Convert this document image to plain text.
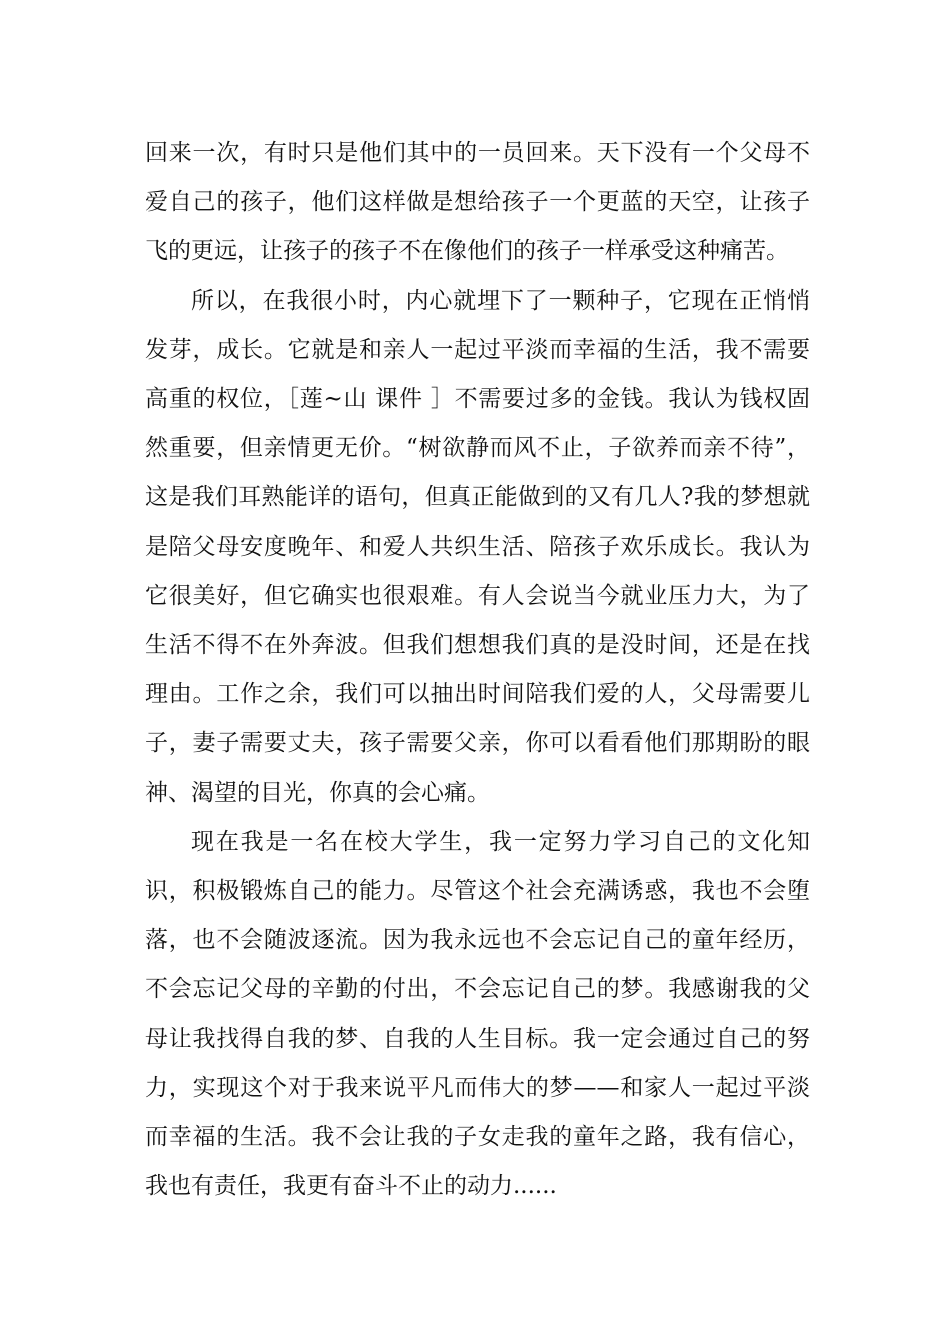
回来一次，有时只是他们其中的一员回来。天下没有一个父母不爱自己的孩子，他们这样做是想给孩子一个更蓝的天空，让孩子飞的更远，让孩子的孩子不在像他们的孩子一样承受这种痛苦。

所以，在我很小时，内心就埋下了一颗种子，它现在正悄悄发芽，成长。它就是和亲人一起过平淡而幸福的生活，我不需要高重的权位，［莲~山 课件 ］不需要过多的金钱。我认为钱权固然重要，但亲情更无价。“树欲静而风不止，子欲养而亲不待”，这是我们耳熟能详的语句，但真正能做到的又有几人?我的梦想就是陪父母安度晚年、和爱人共织生活、陪孩子欢乐成长。我认为它很美好，但它确实也很艰难。有人会说当今就业压力大，为了生活不得不在外奔波。但我们想想我们真的是没时间，还是在找理由。工作之余，我们可以抽出时间陪我们爱的人，父母需要儿子，妻子需要丈夫，孩子需要父亲，你可以看看他们那期盼的眼神、渴望的目光，你真的会心痛。

现在我是一名在校大学生，我一定努力学习自己的文化知识，积极锻炼自己的能力。尽管这个社会充满诱惑，我也不会堕落，也不会随波逐流。因为我永远也不会忘记自己的童年经历，不会忘记父母的辛勤的付出，不会忘记自己的梦。我感谢我的父母让我找得自我的梦、自我的人生目标。我一定会通过自己的努力，实现这个对于我来说平凡而伟大的梦——和家人一起过平淡而幸福的生活。我不会让我的子女走我的童年之路，我有信心，我也有责任，我更有奋斗不止的动力......
